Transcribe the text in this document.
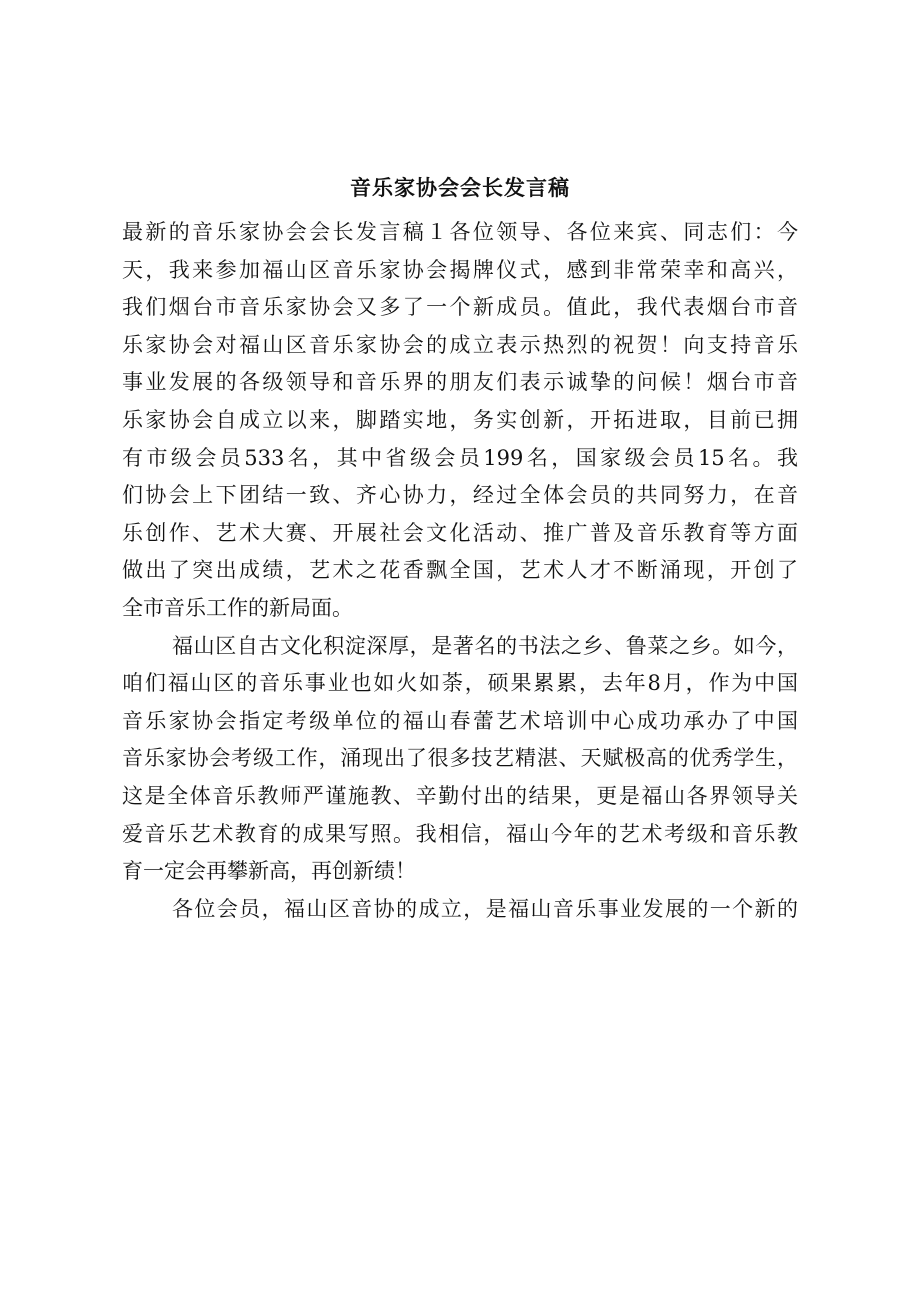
音乐家协会会长发言稿
最新的音乐家协会会长发言稿１各位领导、各位来宾、同志们：今
天，我来参加福山区音乐家协会揭牌仪式，感到非常荣幸和高兴，
我们烟台市音乐家协会又多了一个新成员。值此，我代表烟台市音
乐家协会对福山区音乐家协会的成立表示热烈的祝贺！向支持音乐
事业发展的各级领导和音乐界的朋友们表示诚挚的问候！烟台市音
乐家协会自成立以来，脚踏实地，务实创新，开拓进取，目前已拥
有市级会员533名，其中省级会员199名，国家级会员15名。我
们协会上下团结一致、齐心协力，经过全体会员的共同努力，在音
乐创作、艺术大赛、开展社会文化活动、推广普及音乐教育等方面
做出了突出成绩，艺术之花香飘全国，艺术人才不断涌现，开创了
全市音乐工作的新局面。
福山区自古文化积淀深厚，是著名的书法之乡、鲁菜之乡。如今，
咱们福山区的音乐事业也如火如荼，硕果累累，去年8月，作为中国
音乐家协会指定考级单位的福山春蕾艺术培训中心成功承办了中国
音乐家协会考级工作，涌现出了很多技艺精湛、天赋极高的优秀学生，
这是全体音乐教师严谨施教、辛勤付出的结果，更是福山各界领导关
爱音乐艺术教育的成果写照。我相信，福山今年的艺术考级和音乐教
育一定会再攀新高，再创新绩！
各位会员，福山区音协的成立，是福山音乐事业发展的一个新的
